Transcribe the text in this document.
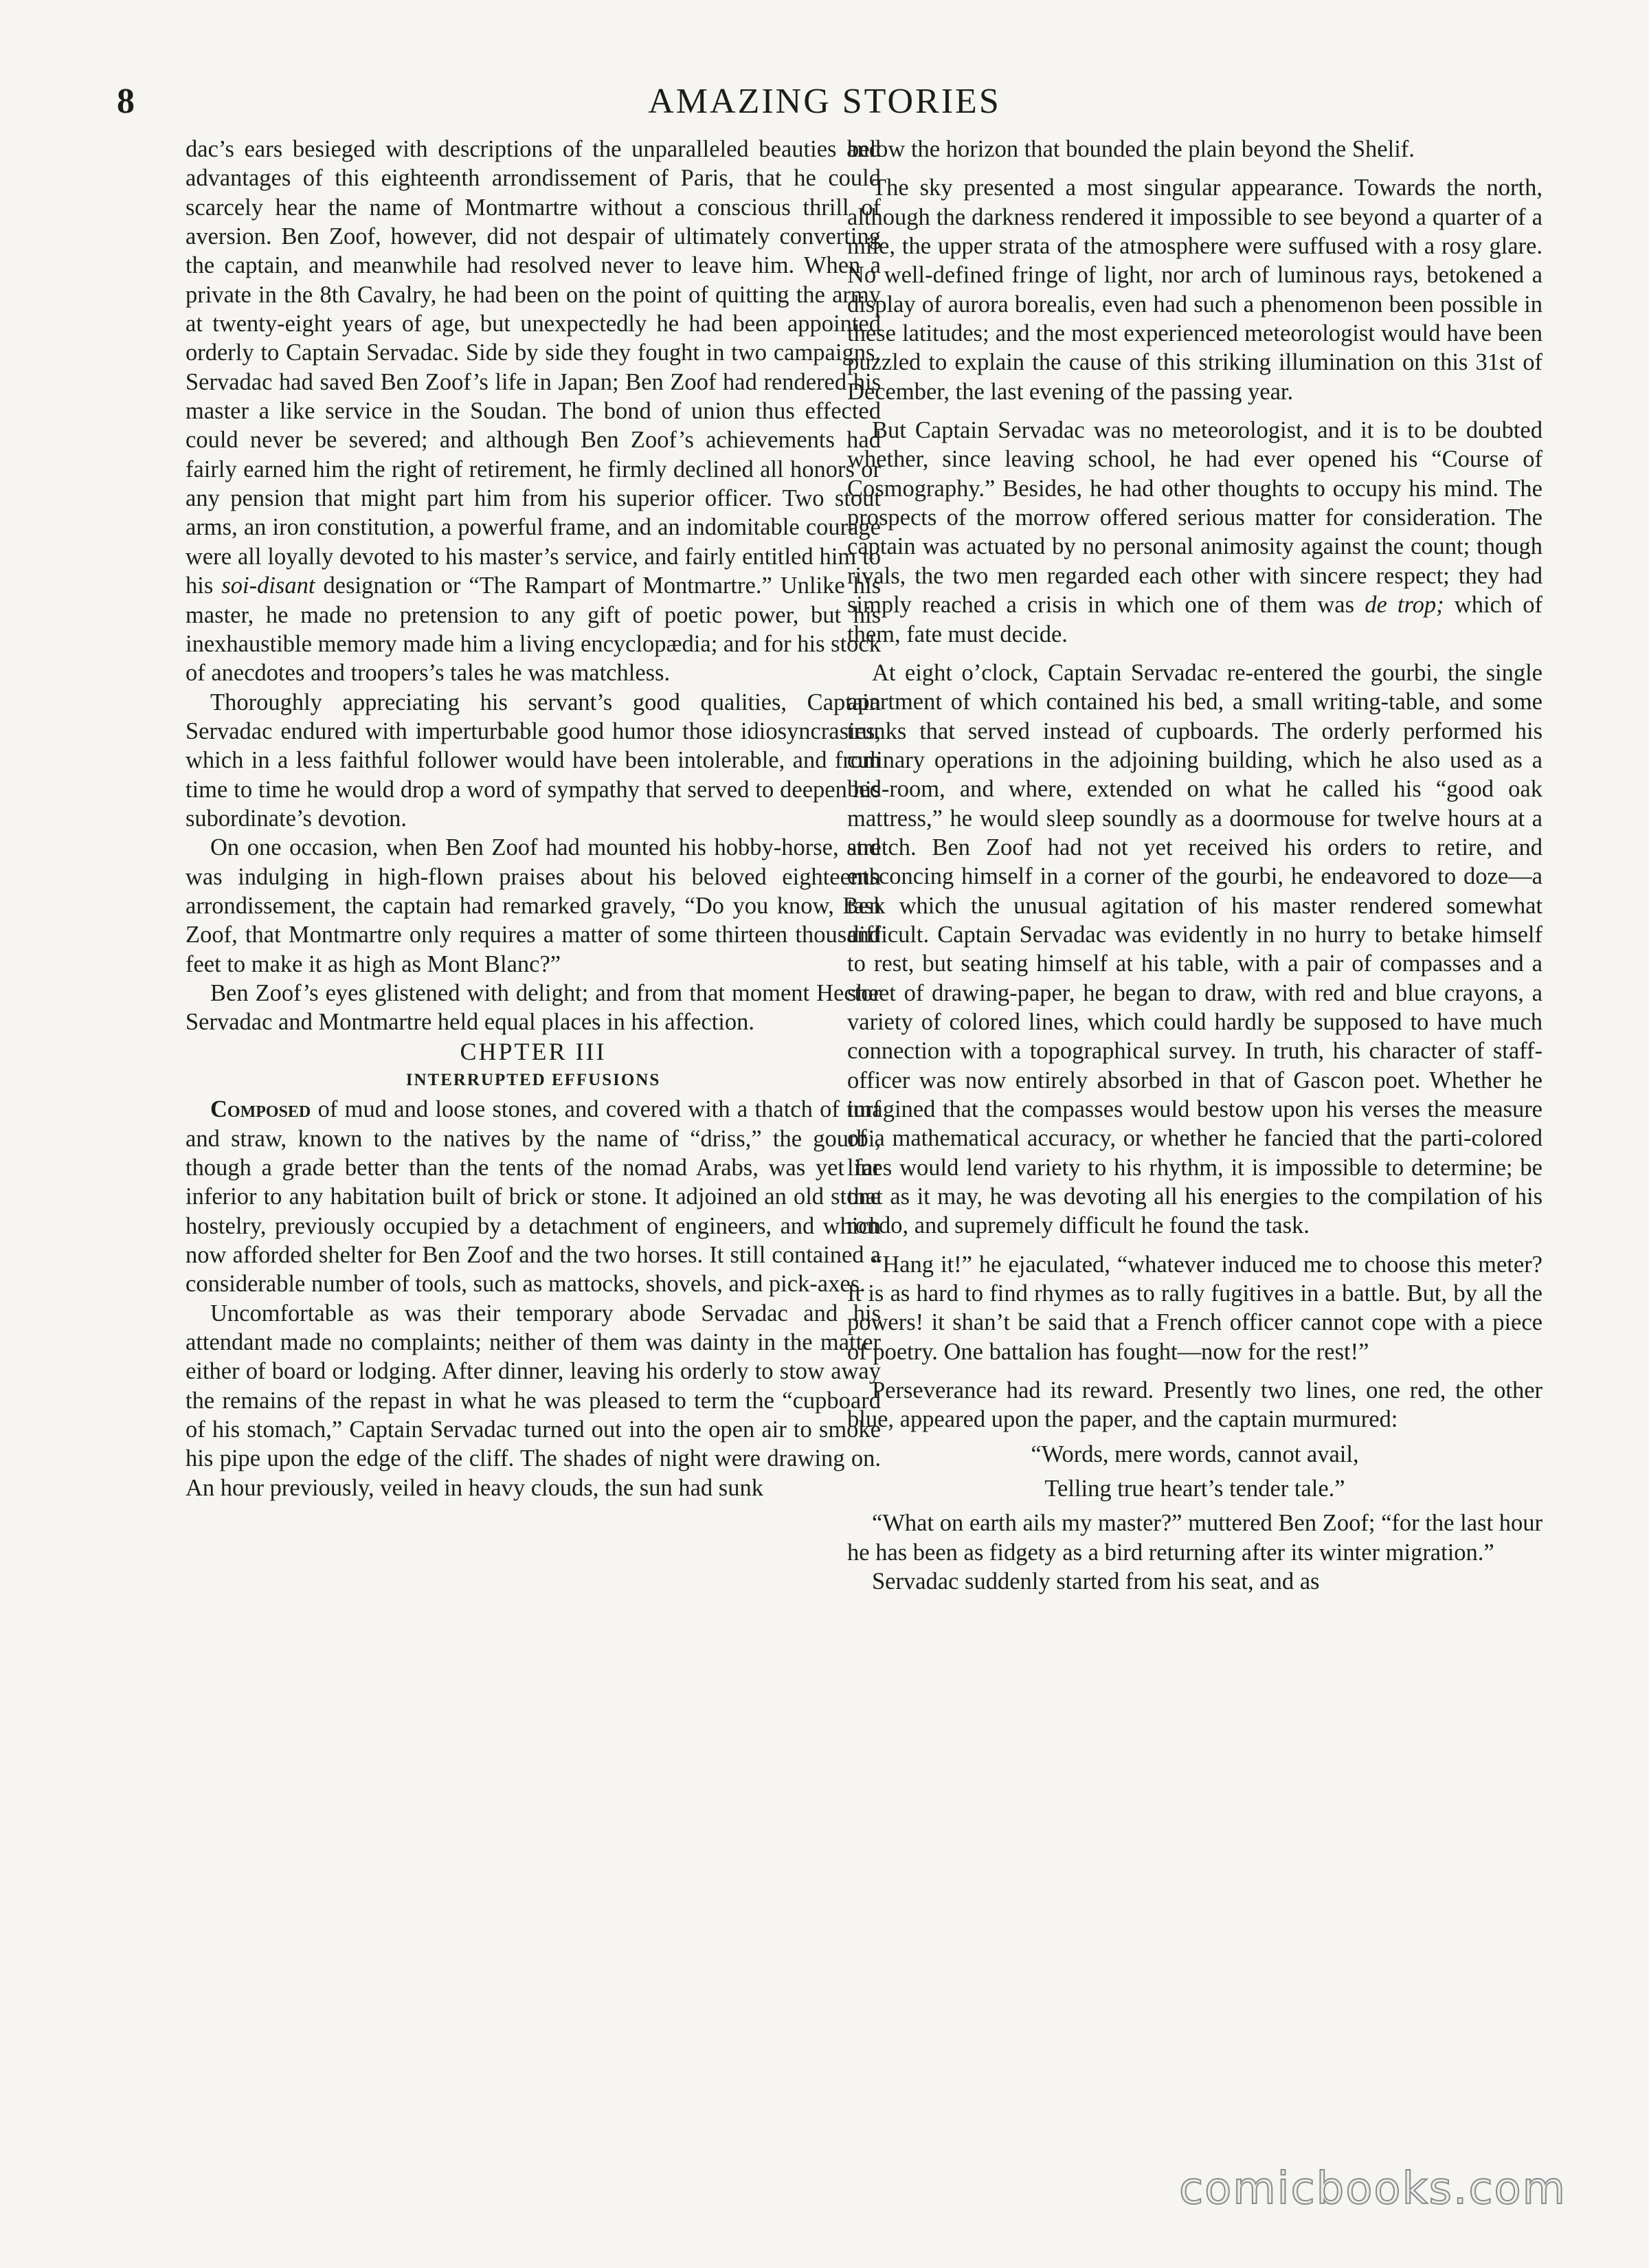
AMAZING STORIES
8

dac’s ears besieged with descriptions of the unparalleled beauties and advantages of this eighteenth arrondissement of Paris, that he could scarcely hear the name of Montmartre without a conscious thrill of aversion. Ben Zoof, however, did not despair of ultimately converting the captain, and meanwhile had resolved never to leave him. When a private in the 8th Cavalry, he had been on the point of quitting the army at twenty-eight years of age, but unexpectedly he had been appointed orderly to Captain Servadac. Side by side they fought in two campaigns. Servadac had saved Ben Zoof’s life in Japan; Ben Zoof had rendered his master a like service in the Soudan. The bond of union thus effected could never be severed; and although Ben Zoof’s achievements had fairly earned him the right of retirement, he firmly declined all honors or any pension that might part him from his superior officer. Two stout arms, an iron constitution, a powerful frame, and an indomitable courage were all loyally devoted to his master’s service, and fairly entitled him to his soi-disant designation or “The Rampart of Montmartre.” Unlike his master, he made no pretension to any gift of poetic power, but his inexhaustible memory made him a living encyclopædia; and for his stock of anecdotes and troopers’s tales he was matchless.

Thoroughly appreciating his servant’s good qualities, Captain Servadac endured with imperturbable good humor those idiosyncrasies, which in a less faithful follower would have been intolerable, and from time to time he would drop a word of sympathy that served to deepen his subordinate’s devotion.

On one occasion, when Ben Zoof had mounted his hobby-horse, and was indulging in high-flown praises about his beloved eighteenth arrondissement, the captain had remarked gravely, “Do you know, Ben Zoof, that Montmartre only requires a matter of some thirteen thousand feet to make it as high as Mont Blanc?”

Ben Zoof’s eyes glistened with delight; and from that moment Hector Servadac and Montmartre held equal places in his affection.

CHPTER III

INTERRUPTED EFFUSIONS

Composed of mud and loose stones, and covered with a thatch of turf and straw, known to the natives by the name of “driss,” the gourbi, though a grade better than the tents of the nomad Arabs, was yet far inferior to any habitation built of brick or stone. It adjoined an old stone hostelry, previously occupied by a detachment of engineers, and which now afforded shelter for Ben Zoof and the two horses. It still contained a considerable number of tools, such as mattocks, shovels, and pick-axes.

Uncomfortable as was their temporary abode Servadac and his attendant made no complaints; neither of them was dainty in the matter either of board or lodging. After dinner, leaving his orderly to stow away the remains of the repast in what he was pleased to term the “cupboard of his stomach,” Captain Servadac turned out into the open air to smoke his pipe upon the edge of the cliff. The shades of night were drawing on. An hour previously, veiled in heavy clouds, the sun had sunk

below the horizon that bounded the plain beyond the Shelif.

The sky presented a most singular appearance. Towards the north, although the darkness rendered it impossible to see beyond a quarter of a mile, the upper strata of the atmosphere were suffused with a rosy glare. No well-defined fringe of light, nor arch of luminous rays, betokened a display of aurora borealis, even had such a phenomenon been possible in these latitudes; and the most experienced meteorologist would have been puzzled to explain the cause of this striking illumination on this 31st of December, the last evening of the passing year.

But Captain Servadac was no meteorologist, and it is to be doubted whether, since leaving school, he had ever opened his “Course of Cosmography.” Besides, he had other thoughts to occupy his mind. The prospects of the morrow offered serious matter for consideration. The captain was actuated by no personal animosity against the count; though rivals, the two men regarded each other with sincere respect; they had simply reached a crisis in which one of them was de trop; which of them, fate must decide.

At eight o’clock, Captain Servadac re-entered the gourbi, the single apartment of which contained his bed, a small writing-table, and some trunks that served instead of cupboards. The orderly performed his culinary operations in the adjoining building, which he also used as a bed-room, and where, extended on what he called his “good oak mattress,” he would sleep soundly as a doormouse for twelve hours at a stretch. Ben Zoof had not yet received his orders to retire, and ensconcing himself in a corner of the gourbi, he endeavored to doze—a task which the unusual agitation of his master rendered somewhat difficult. Captain Servadac was evidently in no hurry to betake himself to rest, but seating himself at his table, with a pair of compasses and a sheet of drawing-paper, he began to draw, with red and blue crayons, a variety of colored lines, which could hardly be supposed to have much connection with a topographical survey. In truth, his character of staff-officer was now entirely absorbed in that of Gascon poet. Whether he imagined that the compasses would bestow upon his verses the measure of a mathematical accuracy, or whether he fancied that the parti-colored lines would lend variety to his rhythm, it is impossible to determine; be that as it may, he was devoting all his energies to the compilation of his rondo, and supremely difficult he found the task.

“Hang it!” he ejaculated, “whatever induced me to choose this meter? It is as hard to find rhymes as to rally fugitives in a battle. But, by all the powers! it shan’t be said that a French officer cannot cope with a piece of poetry. One battalion has fought—now for the rest!”

Perseverance had its reward. Presently two lines, one red, the other blue, appeared upon the paper, and the captain murmured:

“Words, mere words, cannot avail,

Telling true heart’s tender tale.”

“What on earth ails my master?” muttered Ben Zoof; “for the last hour he has been as fidgety as a bird returning after its winter migration.”

Servadac suddenly started from his seat, and as

comicbooks.com
